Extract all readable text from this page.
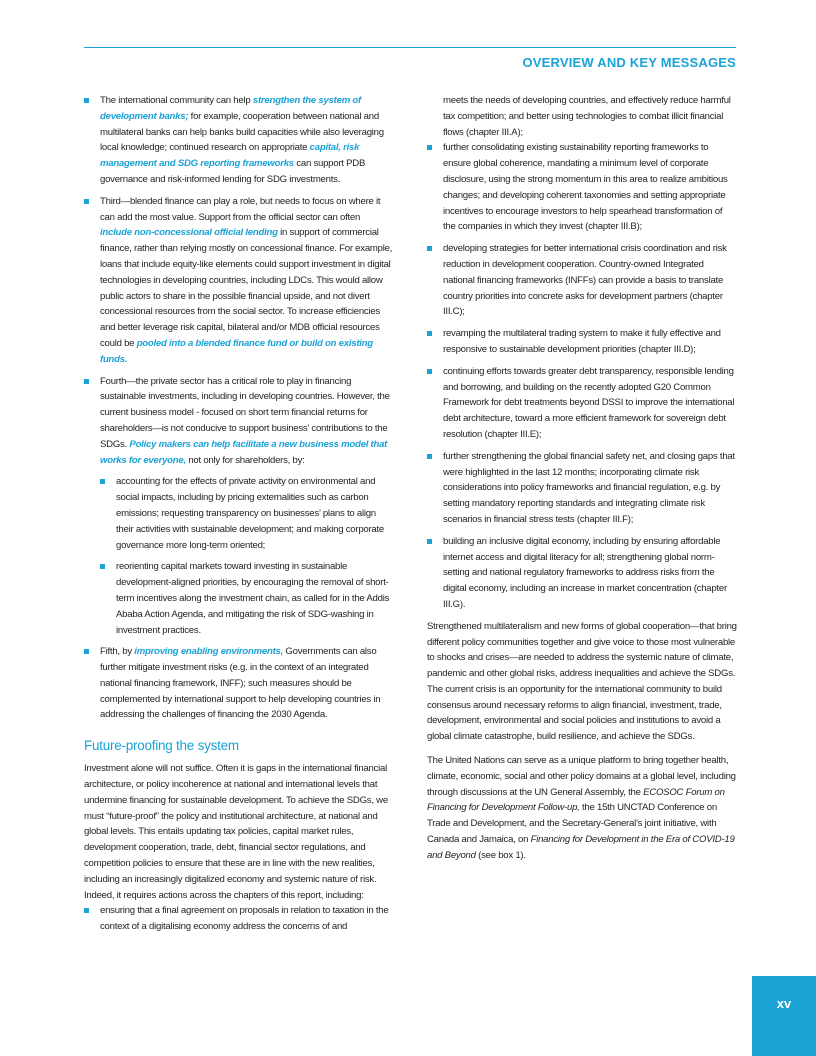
OVERVIEW AND KEY MESSAGES
The international community can help strengthen the system of development banks; for example, cooperation between national and multilateral banks can help banks build capacities while also leveraging local knowledge; continued research on appropriate capital, risk management and SDG reporting frameworks can support PDB governance and risk-informed lending for SDG investments.
Third—blended finance can play a role, but needs to focus on where it can add the most value. Support from the official sector can often include non-concessional official lending in support of commercial finance, rather than relying mostly on concessional finance. For example, loans that include equity-like elements could support investment in digital technologies in developing countries, including LDCs. This would allow public actors to share in the possible financial upside, and not divert concessional resources from the social sector. To increase efficiencies and better leverage risk capital, bilateral and/or MDB official resources could be pooled into a blended finance fund or build on existing funds.
Fourth—the private sector has a critical role to play in financing sustainable investments, including in developing countries. However, the current business model - focused on short term financial returns for shareholders—is not conducive to support business’ contributions to the SDGs. Policy makers can help facilitate a new business model that works for everyone, not only for shareholders, by:
accounting for the effects of private activity on environmental and social impacts, including by pricing externalities such as carbon emissions; requesting transparency on businesses’ plans to align their activities with sustainable development; and making corporate governance more long-term oriented;
reorienting capital markets toward investing in sustainable development-aligned priorities, by encouraging the removal of short-term incentives along the investment chain, as called for in the Addis Ababa Action Agenda, and mitigating the risk of SDG-washing in investment practices.
Fifth, by improving enabling environments, Governments can also further mitigate investment risks (e.g. in the context of an integrated national financing framework, INFF); such measures should be complemented by international support to help developing countries in addressing the challenges of financing the 2030 Agenda.
Future-proofing the system

Investment alone will not suffice. Often it is gaps in the international financial architecture, or policy incoherence at national and international levels that undermine financing for sustainable development. To achieve the SDGs, we must “future-proof” the policy and institutional architecture, at national and global levels. This entails updating tax policies, capital market rules, development cooperation, trade, debt, financial sector regulations, and competition policies to ensure that these are in line with the new realities, including an increasingly digitalized economy and systemic nature of risk. Indeed, it requires actions across the chapters of this report, including:

ensuring that a final agreement on proposals in relation to taxation in the context of a digitalising economy address the concerns of and

meets the needs of developing countries, and effectively reduce harmful tax competition; and better using technologies to combat illicit financial flows (chapter III.A);

further consolidating existing sustainability reporting frameworks to ensure global coherence, mandating a minimum level of corporate disclosure, using the strong momentum in this area to realize ambitious changes; and developing coherent taxonomies and setting appropriate incentives to encourage investors to help spearhead transformation of the companies in which they invest (chapter III.B);
developing strategies for better international crisis coordination and risk reduction in development cooperation. Country-owned Integrated national financing frameworks (INFFs) can provide a basis to translate country priorities into concrete asks for development partners (chapter III.C);
revamping the multilateral trading system to make it fully effective and responsive to sustainable development priorities (chapter III.D);
continuing efforts towards greater debt transparency, responsible lending and borrowing, and building on the recently adopted G20 Common Framework for debt treatments beyond DSSI to improve the international debt architecture, toward a more efficient framework for sovereign debt resolution (chapter III.E);
further strengthening the global financial safety net, and closing gaps that were highlighted in the last 12 months; incorporating climate risk considerations into policy frameworks and financial regulation, e.g. by setting mandatory reporting standards and integrating climate risk scenarios in financial stress tests (chapter III.F);
building an inclusive digital economy, including by ensuring affordable internet access and digital literacy for all; strengthening global norm-setting and national regulatory frameworks to address risks from the digital economy, including an increase in market concentration (chapter III.G).

Strengthened multilateralism and new forms of global cooperation—that bring different policy communities together and give voice to those most vulnerable to shocks and crises—are needed to address the systemic nature of climate, pandemic and other global risks, address inequalities and achieve the SDGs. The current crisis is an opportunity for the international community to build consensus around necessary reforms to align financial, investment, trade, development, environmental and social policies and institutions to avoid a global climate catastrophe, build resilience, and achieve the SDGs.

The United Nations can serve as a unique platform to bring together health, climate, economic, social and other policy domains at a global level, including through discussions at the UN General Assembly, the ECOSOC Forum on Financing for Development Follow-up, the 15th UNCTAD Conference on Trade and Development, and the Secretary-General’s joint initiative, with Canada and Jamaica, on Financing for Development in the Era of COVID-19 and Beyond (see box 1).

xv
